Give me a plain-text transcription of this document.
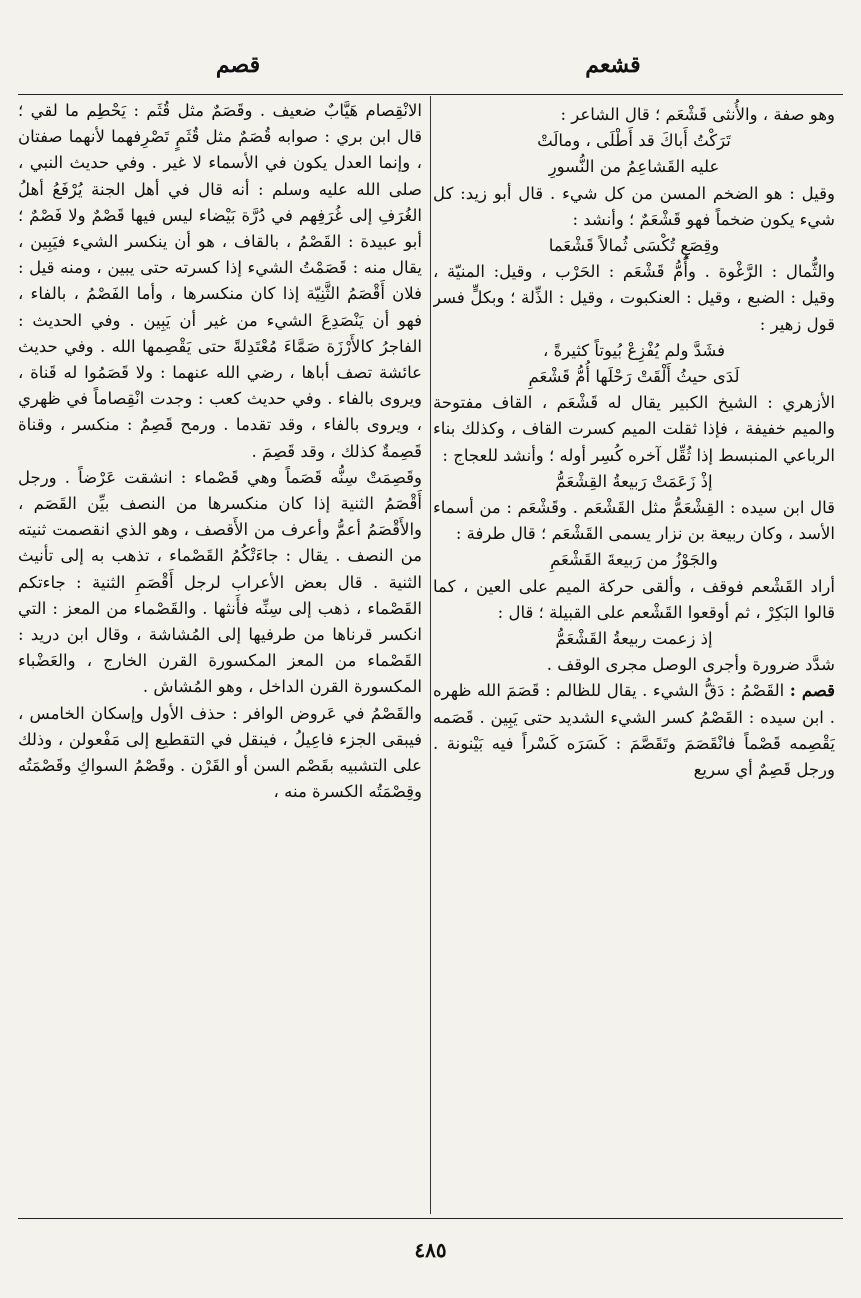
قشعم
قصم

وهو صفة ، والأُنثى قَشْعَم ؛ قال الشاعر :

تَرَكْتُ أَباكَ قد أَطْلَى ، ومالَتْ

عليه القَشاعِمُ من النُّسورِ

وقيل : هو الضخم المسن من كل شيء . قال أبو زيد: كل شيء يكون ضخماً فهو قَشْعَمٌ ؛ وأنشد :

وقِصَعٍ تُكْسَى ثُمالاً قَشْعَما

والثُّمال : الرَّغْوة . وأُمُّ قَشْعَم : الحَرْب ، وقيل: المنيّة ، وقيل : الضبع ، وقيل : العنكبوت ، وقيل : الذِّلة ؛ وبكلٍّ فسر قول زهير :

فشَدَّ ولم يُفْزِعْ بُيوتاً كثيرةً ،

لَدَى حيثُ أَلْقَتْ رَحْلَها أُمُّ قَشْعَمِ

الأزهري : الشيخ الكبير يقال له قَشْعَم ، القاف مفتوحة والميم خفيفة ، فإذا ثقلت الميم كسرت القاف ، وكذلك بناء الرباعي المنبسط إذا ثُقِّل آخره كُسِر أوله ؛ وأنشد للعجاج :

إذْ زَعَمَتْ رَبيعةُ القِشْعَمُّ

قال ابن سيده : القِشْعَمُّ مثل القَشْعَم . وقَشْعَم : من أسماء الأسد ، وكان ربيعة بن نزار يسمى القَشْعَم ؛ قال طرفة :

والجَوْزُ من رَبيعةَ القَشْعَمِ

أراد القَشْعم فوقف ، وألقى حركة الميم على العين ، كما قالوا البَكِرْ ، ثم أوقعوا القَشْعم على القبيلة ؛ قال :

إذ زعمت ربيعةُ القَشْعَمُّ

شدَّد ضرورة وأجرى الوصل مجرى الوقف .

قصم : القَصْمُ : دَقُّ الشيء . يقال للظالم : قَصَمَ الله ظهره . ابن سيده : القَصْمُ كسر الشيء الشديد حتى يَبِين . قَصَمه يَقْصِمه قَصْماً فانْقَصَمَ وتَقَصَّمَ : كَسَرَه كَسْراً فيه بَيْنونة . ورجل قَصِمٌ أي سريع

الانْقِصام هَيَّابٌ ضعيف . وقَصَمٌ مثل قُثَم : يَحْطِم ما لقي ؛ قال ابن بري : صوابه قُصَمٌ مثل قُثَمٍ تَصْرِفهما لأنهما صفتان ، وإنما العدل يكون في الأسماء لا غير . وفي حديث النبي ، صلى الله عليه وسلم : أنه قال في أهل الجنة يُرْفَعُ أهلُ الغُرَفِ إلى غُرَفِهم في دُرَّة بَيْضاء ليس فيها قَصْمٌ ولا فَصْمٌ ؛ أبو عبيدة : القَصْمُ ، بالقاف ، هو أن ينكسر الشيء فيَبِين ، يقال منه : قَصَمْتُ الشيء إذا كسرته حتى يبين ، ومنه قيل : فلان أَقْصَمُ الثَّنِيّة إذا كان منكسرها ، وأما الفَصْمُ ، بالفاء ، فهو أن يَنْصَدِعَ الشيء من غير أن يَبِين . وفي الحديث : الفاجرُ كالأَرْزَة صَمَّاءَ مُعْتَدِلةً حتى يَقْصِمها الله . وفي حديث عائشة تصف أباها ، رضي الله عنهما : ولا قَصَمُوا له قَناة ، ويروى بالفاء . وفي حديث كعب : وجدت انْقِصاماً في ظهري ، ويروى بالفاء ، وقد تقدما . ورمح قَصِمٌ : منكسر ، وقناة قَصِمةٌ كذلك ، وقد قَصِمَ .

وقَصِمَتْ سِنُّه قَصَماً وهي قَصْماء : انشقت عَرْضاً . ورجل أَقْصَمُ الثنية إذا كان منكسرها من النصف بيِّن القَصَم ، والأَقْصَمُ أعمُّ وأعرف من الأَقصف ، وهو الذي انقصمت ثنيته من النصف . يقال : جاءَتْكُمُ القَصْماء ، تذهب به إلى تأنيث الثنية . قال بعض الأعراب لرجل أَقْصَمِ الثنية : جاءتكم القَصْماء ، ذهب إلى سِنِّه فأَنثها . والقَصْماء من المعز : التي انكسر قرناها من طرفيها إلى المُشاشة ، وقال ابن دريد : القَصْماء من المعز المكسورة القرن الخارج ، والعَضْباء المكسورة القرن الداخل ، وهو المُشاش .

والقَصْمُ في عَروض الوافر : حذف الأول وإسكان الخامس ، فيبقى الجزء فاعِيلُ ، فينقل في التقطيع إلى مَفْعولن ، وذلك على التشبيه بقَصْم السن أو القَرْن . وقَصْمُ السواكِ وقَصْمَتُه وقِصْمَتُه الكسرة منه ،

٤٨٥
